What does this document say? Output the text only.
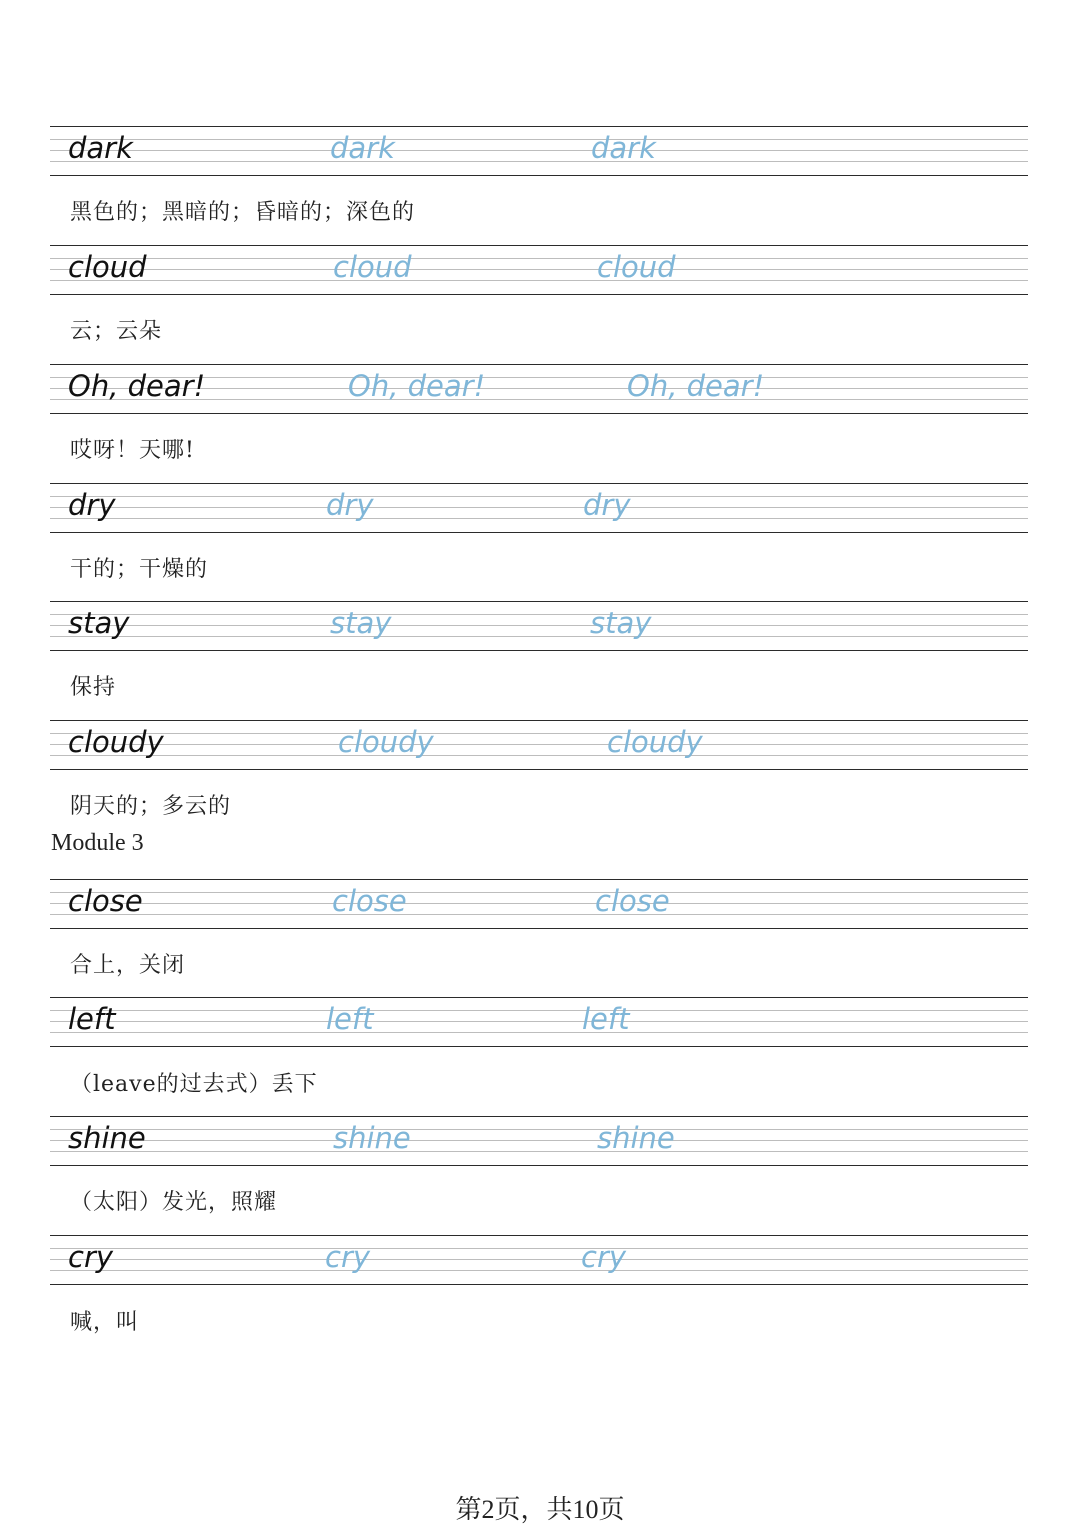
dark	dark	dark
黑色的；黑暗的；昏暗的；深色的
cloud	cloud	cloud
云；云朵
Oh, dear!	Oh, dear!	Oh, dear!
哎呀！天哪!
dry	dry	dry
干的；干燥的
stay	stay	stay
保持
cloudy	cloudy	cloudy
阴天的；多云的
Module 3
close	close	close
合上，关闭
left	left	left
（leave的过去式）丢下
shine	shine	shine
（太阳）发光，照耀
cry	cry	cry
喊，叫
第2页，共10页
